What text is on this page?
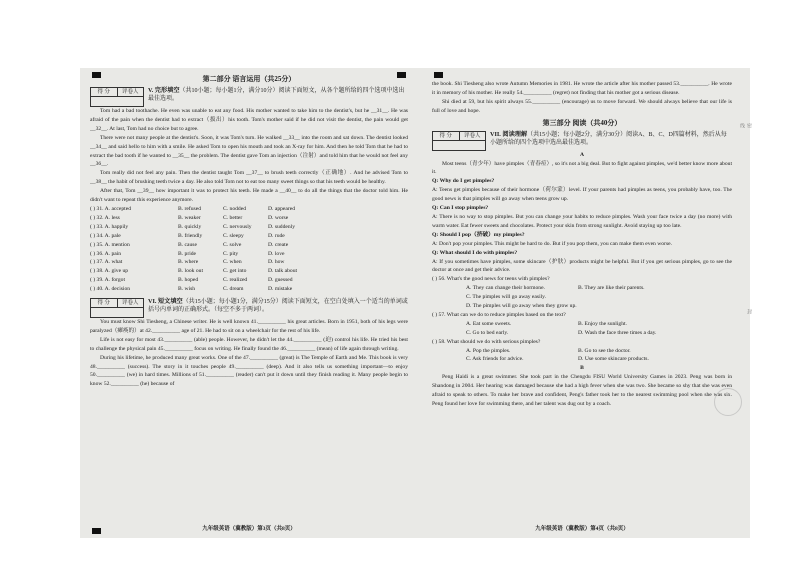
第二部分 语言运用（共25分）
得 分	评卷人	V. 完形填空（共10小题；每小题1分，满分10分）阅读下面短文，从各个题所给的四个选项中选出最佳选项。

Tom had a bad toothache. He even was unable to eat any food. His mother wanted to take him to the dentist's, but he __31__. He was afraid of the pain when the dentist had to extract（拔出）his tooth. Tom's mother said if he did not visit the dentist, the pain would get __32__. At last, Tom had no choice but to agree.

There were not many people at the dentist's. Soon, it was Tom's turn. He walked __33__ into the room and sat down. The dentist looked __34__ and said hello to him with a smile. He asked Tom to open his mouth and took an X-ray for him. And then he told Tom that he had to extract the bad tooth if he wanted to __35__ the problem. The dentist gave Tom an injection（注射）and told him that he would not feel any __36__.

Tom really did not feel any pain. Then the dentist taught Tom __37__ to brush teeth correctly（正确地）. And he advised Tom to __38__ the habit of brushing teeth twice a day. He also told Tom not to eat too many sweet things so that his teeth would be healthy.

After that, Tom __39__ how important it was to protect his teeth. He made a __40__ to do all the things that the doctor told him. He didn't want to repeat this experience anymore.

( ) 31. A. accepted	B. refused	C. nodded	D. appeared
( ) 32. A. less	B. weaker	C. better	D. worse
( ) 33. A. happily	B. quickly	C. nervously	D. suddenly
( ) 34. A. pale	B. friendly	C. sleepy	D. rude
( ) 35. A. mention	B. cause	C. solve	D. create
( ) 36. A. pain	B. pride	C. pity	D. love
( ) 37. A. what	B. where	C. when	D. how
( ) 38. A. give up	B. look out	C. get into	D. talk about
( ) 39. A. forgot	B. hoped	C. realized	D. guessed
( ) 40. A. decision	B. wish	C. dream	D. mistake
得 分	评卷人	VI. 短文填空（共15小题；每小题1分，满分15分）阅读下面短文，在空白处填入一个适当的单词或括号内单词的正确形式。（每空不多于两词）。

You must know Shi Tiesheng, a Chinese writer. He is well known 41.__________ his great articles. Born in 1951, both of his legs were paralyzed（瘫痪的）at 42.__________ age of 21. He had to sit on a wheelchair for the rest of his life.

Life is not easy for most 43.__________ (able) people. However, he didn't let the 44.__________ (迫) control his life. He tried his best to challenge the physical pain 45.__________ focus on writing. He finally found the 46.__________ (mean) of life again through writing.

During his lifetime, he produced many great works. One of the 47.__________ (great) is The Temple of Earth and Me. This book is very 48.__________ (success). The story in it touches people 49.__________ (deep). And it also tells us something important—to enjoy 50.__________ (we) in hard times. Millions of 51.__________ (reader) can't put it down until they finish reading it. Many people begin to know 52.__________ (he) because of

九年级英语（冀教版）第3页（共8页）

the book. Shi Tiesheng also wrote Autumn Memories in 1981. He wrote the article after his mother passed 53.__________. He wrote it in memory of his mother. He really 54.__________ (regret) not finding that his mother got a serious disease.

Shi died at 59, but his spirit always 55.__________ (encourage) us to move forward. We should always believe that our life is full of love and hope.

第三部分 阅读（共40分）
得 分	评卷人	VII. 阅读理解（共15小题；每小题2分，满分30分）阅读A、B、C、D四篇材料，然后从每小题所给的四个选项中选出最佳选项。
A

Most teens（青少年）have pimples（青春痘）, so it's not a big deal. But to fight against pimples, we'd better know more about it.

Q: Why do I get pimples?
A: Teens get pimples because of their hormone（荷尔蒙）level. If your parents had pimples as teens, you probably have, too. The good news is that pimples will go away when teens grow up.
Q: Can I stop pimples?
A: There is no way to stop pimples. But you can change your habits to reduce pimples. Wash your face twice a day (no more) with warm water. Eat fewer sweets and chocolates. Protect your skin from strong sunlight. Avoid staying up too late.
Q: Should I pop（挤破）my pimples?
A: Don't pop your pimples. This might be hard to do. But if you pop them, you can make them even worse.
Q: What should I do with pimples?
A: If you sometimes have pimples, some skincare（护肤）products might be helpful. But if you get serious pimples, go to see the doctor at once and get their advice.
( ) 56. What's the good news for teens with pimples?
A. They can change their hormone.	B. They are like their parents.
C. The pimples will go away easily.
D. The pimples will go away when they grow up.
( ) 57. What can we do to reduce pimples based on the text?
A. Eat some sweets.	B. Enjoy the sunlight.
C. Go to bed early.	D. Wash the face three times a day.
( ) 58. What should we do with serious pimples?
A. Pop the pimples.	B. Go to see the doctor.
C. Ask friends for advice.	D. Use some skincare products.
B

Peng Haidi is a great swimmer. She took part in the Chengdu FISU World University Games in 2023. Peng was born in Shandong in 2004. Her hearing was damaged because she had a high fever when she was two. She became so shy that she was even afraid to speak to others. To make her brave and confident, Peng's father took her to the nearest swimming pool when she was six. Peng found her love for swimming there, and her talent was dug out by a coach.

九年级英语（冀教版）第4页（共8页）
密 封 线
